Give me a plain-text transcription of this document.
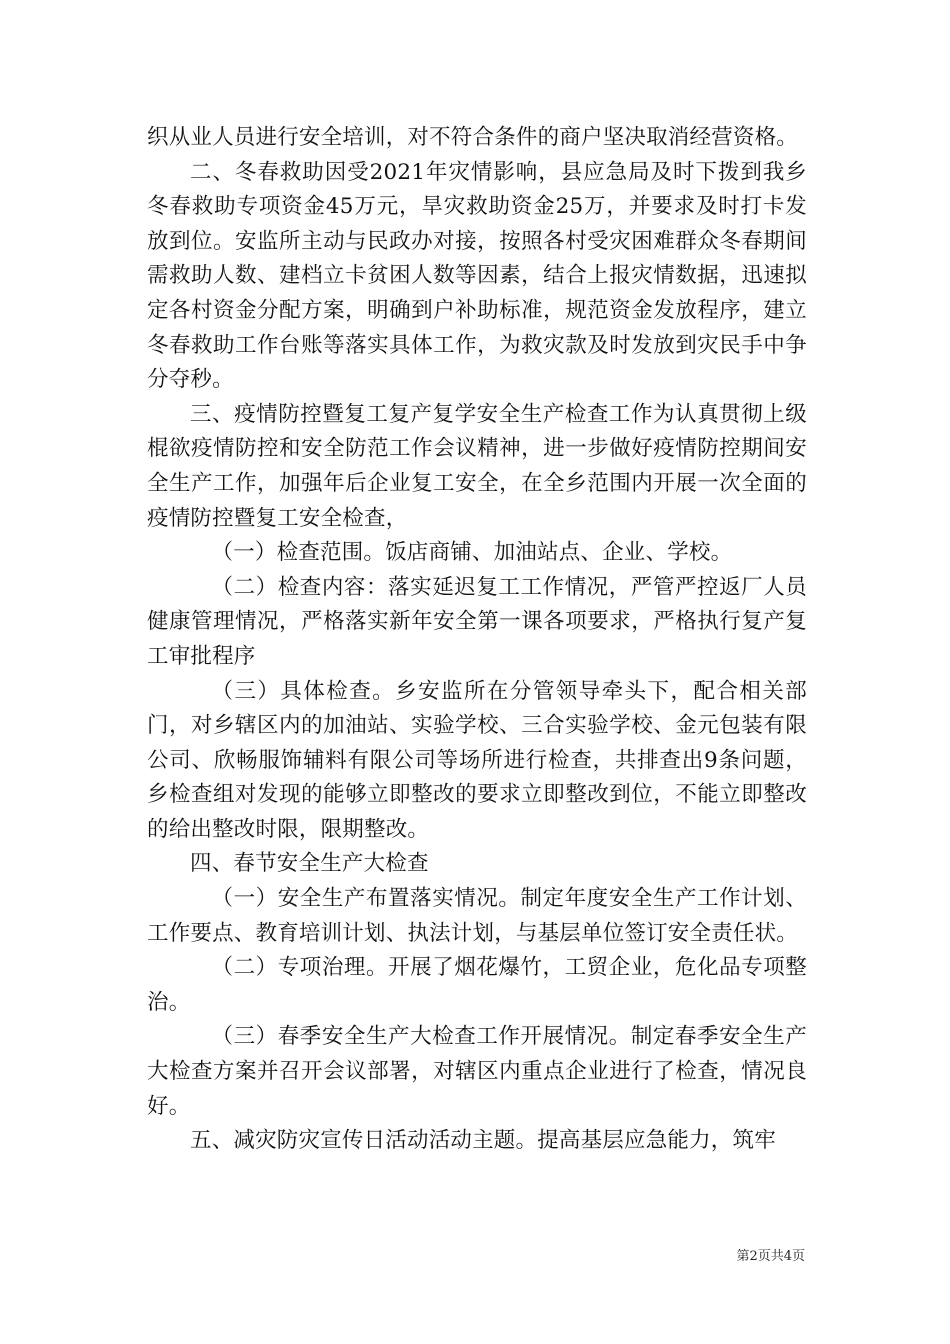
织从业人员进行安全培训，对不符合条件的商户坚决取消经营资格。

二、冬春救助因受2021年灾情影响，县应急局及时下拨到我乡冬春救助专项资金45万元，旱灾救助资金25万，并要求及时打卡发放到位。安监所主动与民政办对接，按照各村受灾困难群众冬春期间需救助人数、建档立卡贫困人数等因素，结合上报灾情数据，迅速拟定各村资金分配方案，明确到户补助标准，规范资金发放程序，建立冬春救助工作台账等落实具体工作，为救灾款及时发放到灾民手中争分夺秒。

三、疫情防控暨复工复产复学安全生产检查工作为认真贯彻上级棍欲疫情防控和安全防范工作会议精神，进一步做好疫情防控期间安全生产工作，加强年后企业复工安全，在全乡范围内开展一次全面的疫情防控暨复工安全检查，

（一）检查范围。饭店商铺、加油站点、企业、学校。

（二）检查内容：落实延迟复工工作情况，严管严控返厂人员健康管理情况，严格落实新年安全第一课各项要求，严格执行复产复工审批程序

（三）具体检查。乡安监所在分管领导牵头下，配合相关部门，对乡辖区内的加油站、实验学校、三合实验学校、金元包装有限公司、欣畅服饰辅料有限公司等场所进行检查，共排查出9条问题，乡检查组对发现的能够立即整改的要求立即整改到位，不能立即整改的给出整改时限，限期整改。

四、春节安全生产大检查

（一）安全生产布置落实情况。制定年度安全生产工作计划、工作要点、教育培训计划、执法计划，与基层单位签订安全责任状。

（二）专项治理。开展了烟花爆竹，工贸企业，危化品专项整治。

（三）春季安全生产大检查工作开展情况。制定春季安全生产大检查方案并召开会议部署，对辖区内重点企业进行了检查，情况良好。

五、减灾防灾宣传日活动活动主题。提高基层应急能力，筑牢

第2页共4页
